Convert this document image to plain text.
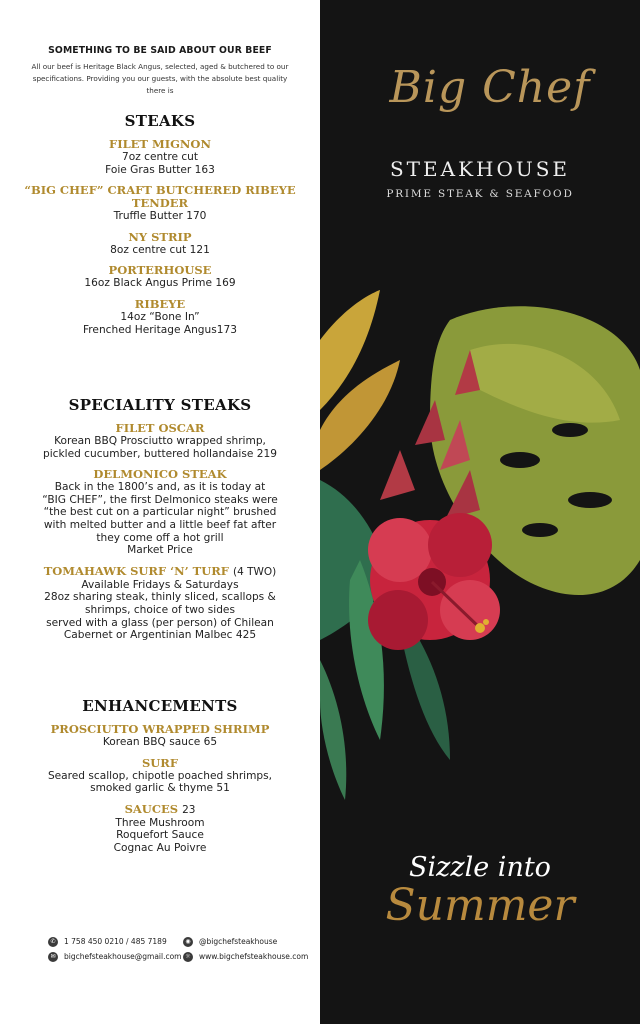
SOMETHING TO BE SAID ABOUT OUR BEEF
All our beef is Heritage Black Angus, selected, aged & butchered to our specifications. Providing you our guests, with the absolute best quality there is
STEAKS
FILET MIGNON
7oz centre cut
Foie Gras Butter 163
“BIG CHEF” CRAFT BUTCHERED RIBEYE TENDER
Truffle Butter 170
NY STRIP
8oz centre cut 121
PORTERHOUSE
16oz Black Angus Prime 169
RIBEYE
14oz “Bone In”
Frenched Heritage Angus173
SPECIALITY STEAKS
FILET OSCAR
Korean BBQ Prosciutto wrapped shrimp,
pickled cucumber, buttered hollandaise 219
DELMONICO STEAK
Back in the 1800’s and, as it is today at
“BIG CHEF”, the first Delmonico steaks were
“the best cut on a particular night” brushed
with melted butter and a little beef fat after
they come off a hot grill
Market Price
TOMAHAWK SURF ‘N’ TURF (4 TWO)
Available Fridays & Saturdays
28oz sharing steak, thinly sliced, scallops &
shrimps, choice of two sides
served with a glass (per person) of Chilean
Cabernet or Argentinian Malbec 425
ENHANCEMENTS
PROSCIUTTO WRAPPED SHRIMP
Korean BBQ sauce 65
SURF
Seared scallop, chipotle poached shrimps,
smoked garlic & thyme 51
SAUCES 23
Three Mushroom
Roquefort Sauce
Cognac Au Poivre
✆	1 758 450 0210 / 485 7189	◉	@bigchefsteakhouse
✉	bigchefsteakhouse@gmail.com ☼	www.bigchefsteakhouse.com
Big Chef
STEAKHOUSE
PRIME STEAK & SEAFOOD
Sizzle into
Summer
